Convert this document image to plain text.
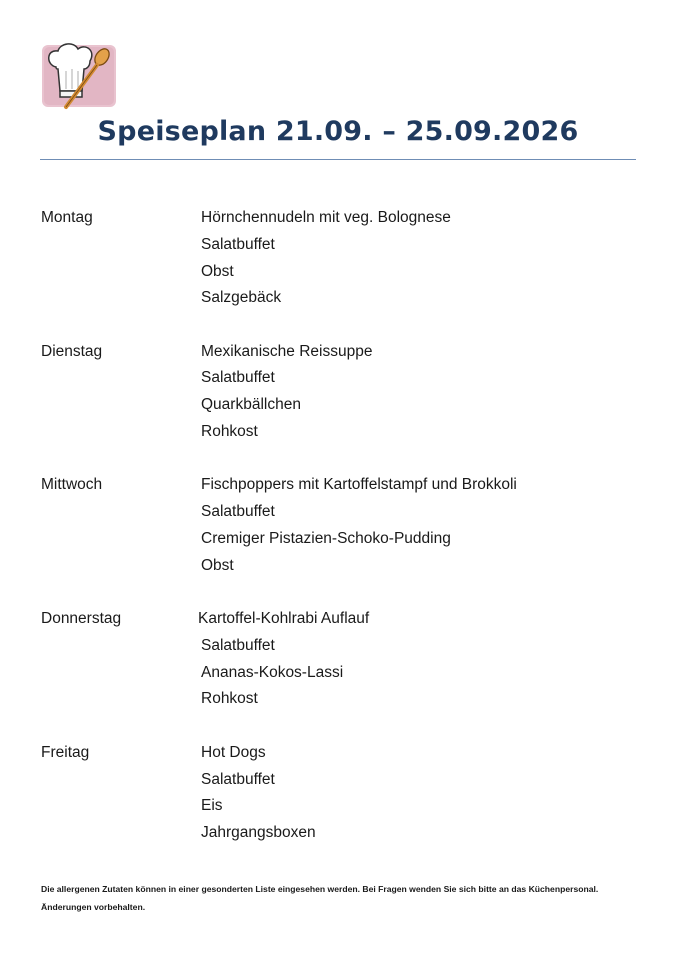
Speiseplan 21.09. – 25.09.2026
Montag	Hörnchennudeln mit veg. Bolognese
Salatbuffet
Obst
Salzgebäck
Dienstag	Mexikanische Reissuppe
Salatbuffet
Quarkbällchen
Rohkost
Mittwoch	Fischpoppers mit Kartoffelstampf und Brokkoli
Salatbuffet
Cremiger Pistazien-Schoko-Pudding
Obst
Donnerstag	Kartoffel-Kohlrabi Auflauf
Salatbuffet
Ananas-Kokos-Lassi
Rohkost
Freitag	Hot Dogs
Salatbuffet
Eis
Jahrgangsboxen
Die allergenen Zutaten können in einer gesonderten Liste eingesehen werden. Bei Fragen wenden Sie sich bitte an das Küchenpersonal.
Änderungen vorbehalten.
